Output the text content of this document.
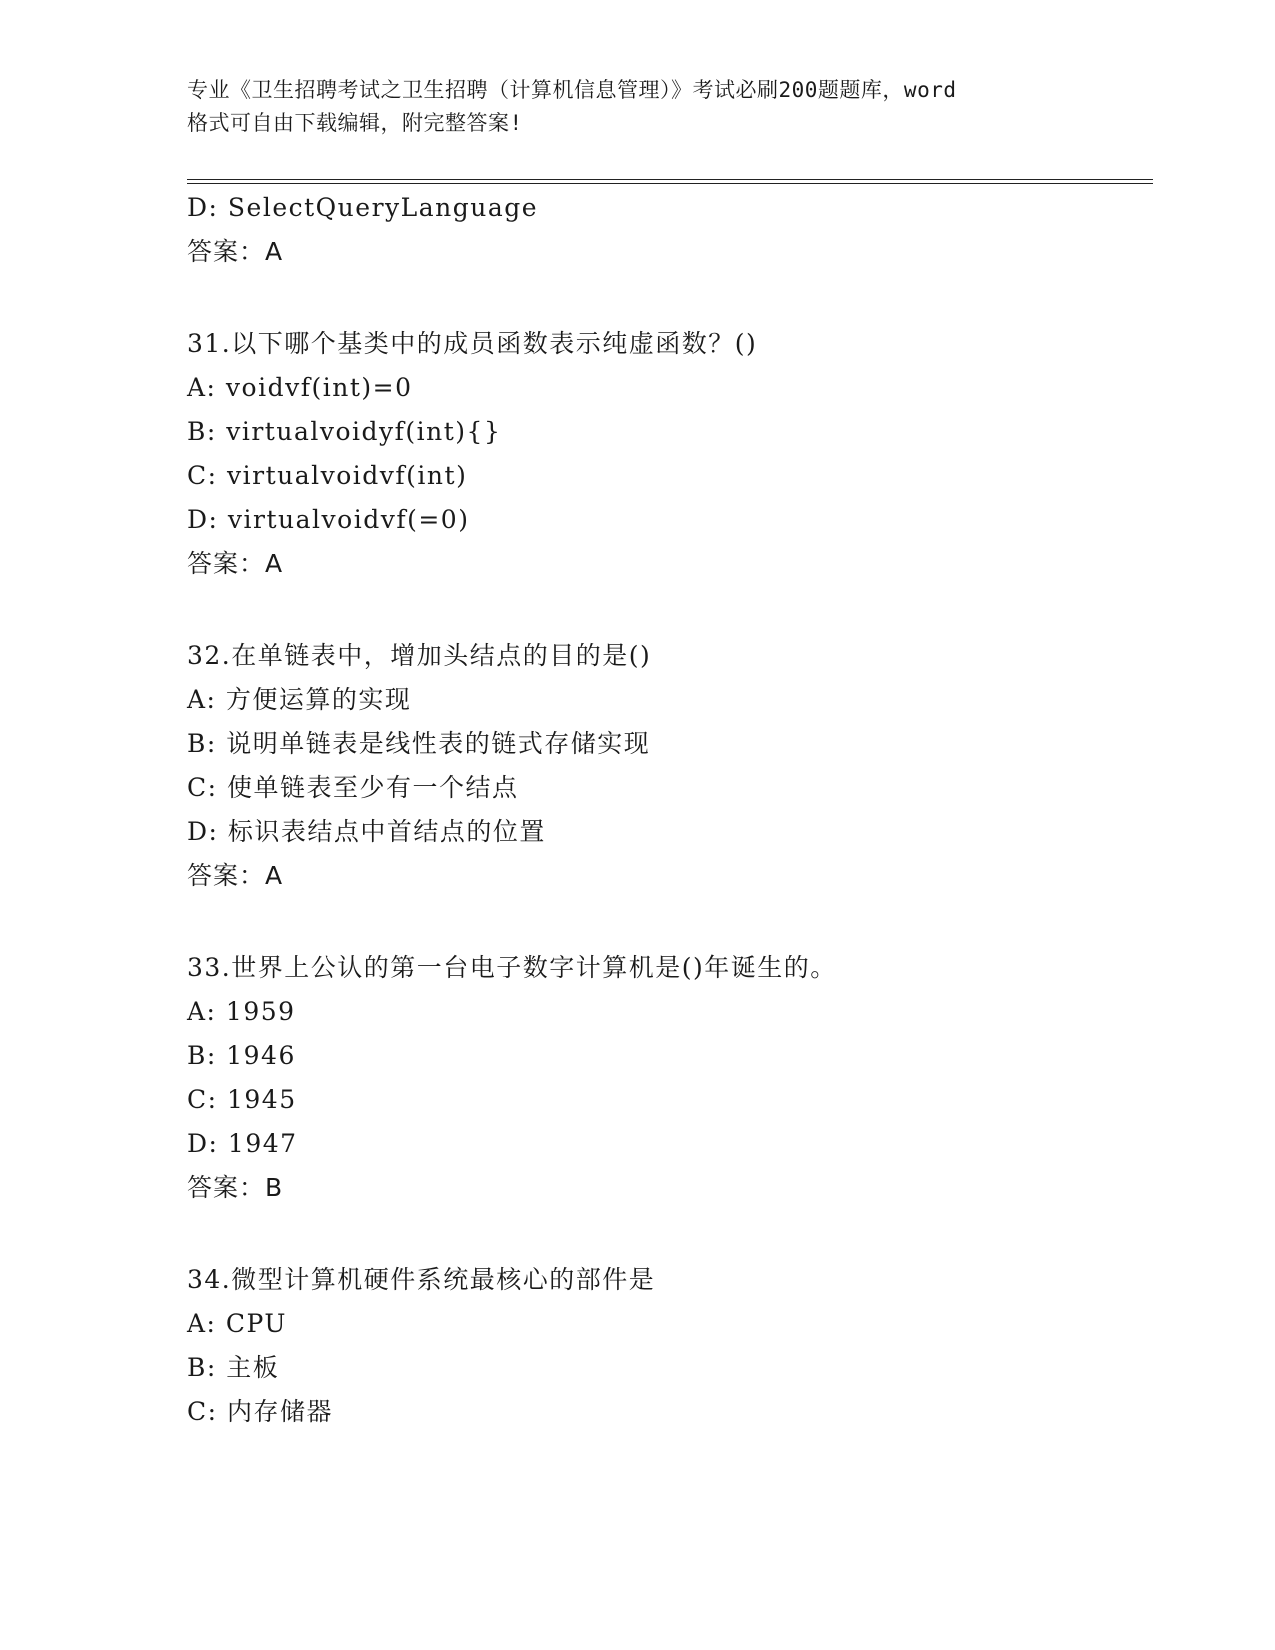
专业《卫生招聘考试之卫生招聘（计算机信息管理）》考试必刷200题题库，word
格式可自由下载编辑，附完整答案!
D: SelectQueryLanguage
答案：A
31.以下哪个基类中的成员函数表示纯虚函数？()
A: voidvf(int)=0
B: virtualvoidyf(int){}
C: virtualvoidvf(int)
D: virtualvoidvf(=0)
答案：A
32.在单链表中，增加头结点的目的是()
A: 方便运算的实现
B: 说明单链表是线性表的链式存储实现
C: 使单链表至少有一个结点
D: 标识表结点中首结点的位置
答案：A
33.世界上公认的第一台电子数字计算机是()年诞生的。
A: 1959
B: 1946
C: 1945
D: 1947
答案：B
34.微型计算机硬件系统最核心的部件是
A: CPU
B: 主板
C: 内存储器
